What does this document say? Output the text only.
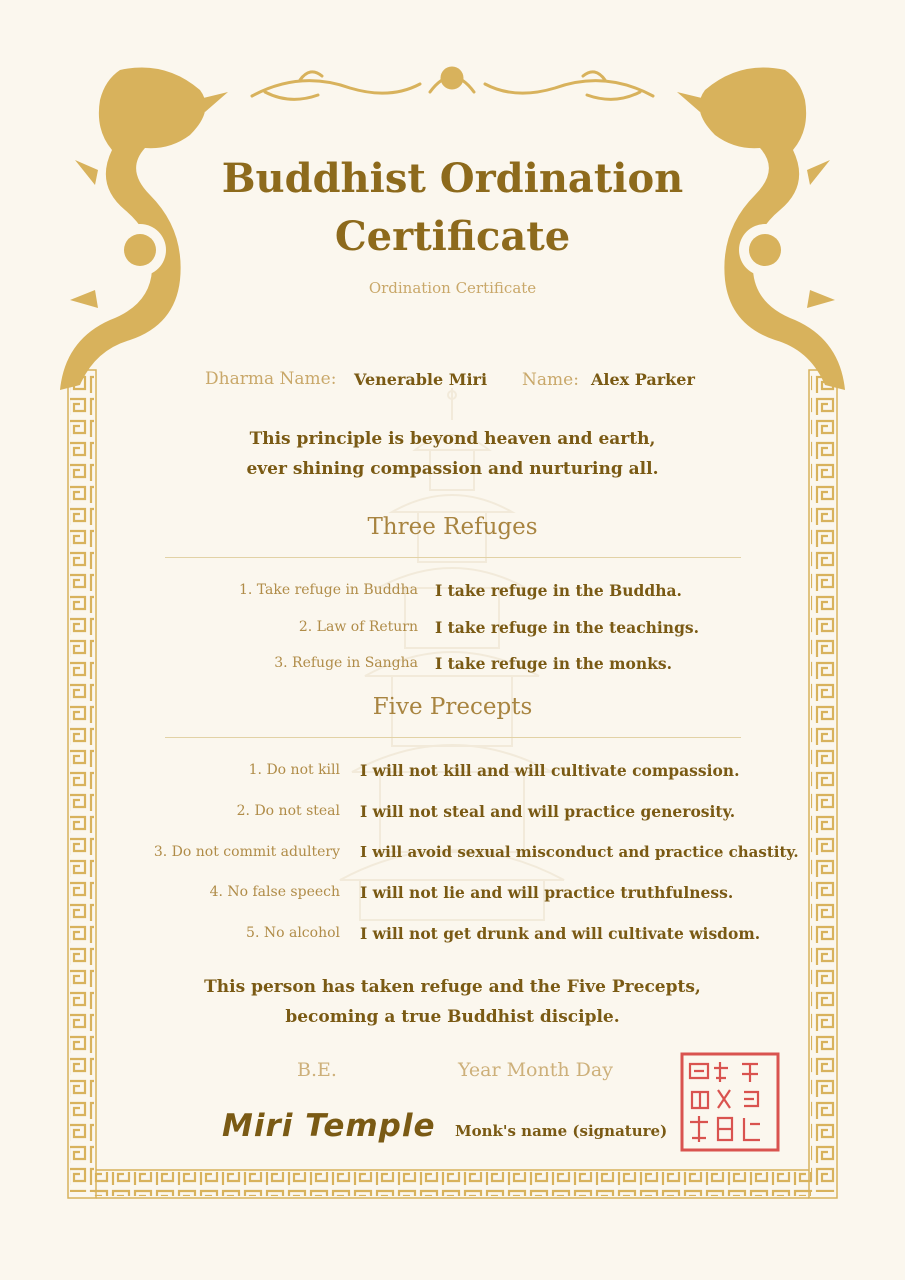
Buddhist Ordination
Certificate
Ordination Certificate
Dharma Name: Venerable Miri Name: Alex Parker
This principle is beyond heaven and earth,
ever shining compassion and nurturing all.
Three Refuges
1. Take refuge in Buddha I take refuge in the Buddha.
2. Law of Return I take refuge in the teachings.
3. Refuge in Sangha I take refuge in the monks.
Five Precepts
1. Do not kill I will not kill and will cultivate compassion.
2. Do not steal I will not steal and will practice generosity.
3. Do not commit adultery I will avoid sexual misconduct and practice chastity.
4. No false speech I will not lie and will practice truthfulness.
5. No alcohol I will not get drunk and will cultivate wisdom.
This person has taken refuge and the Five Precepts,
becoming a true Buddhist disciple.
B.E.	Year Month Day
Miri Temple Monk's name (signature)
